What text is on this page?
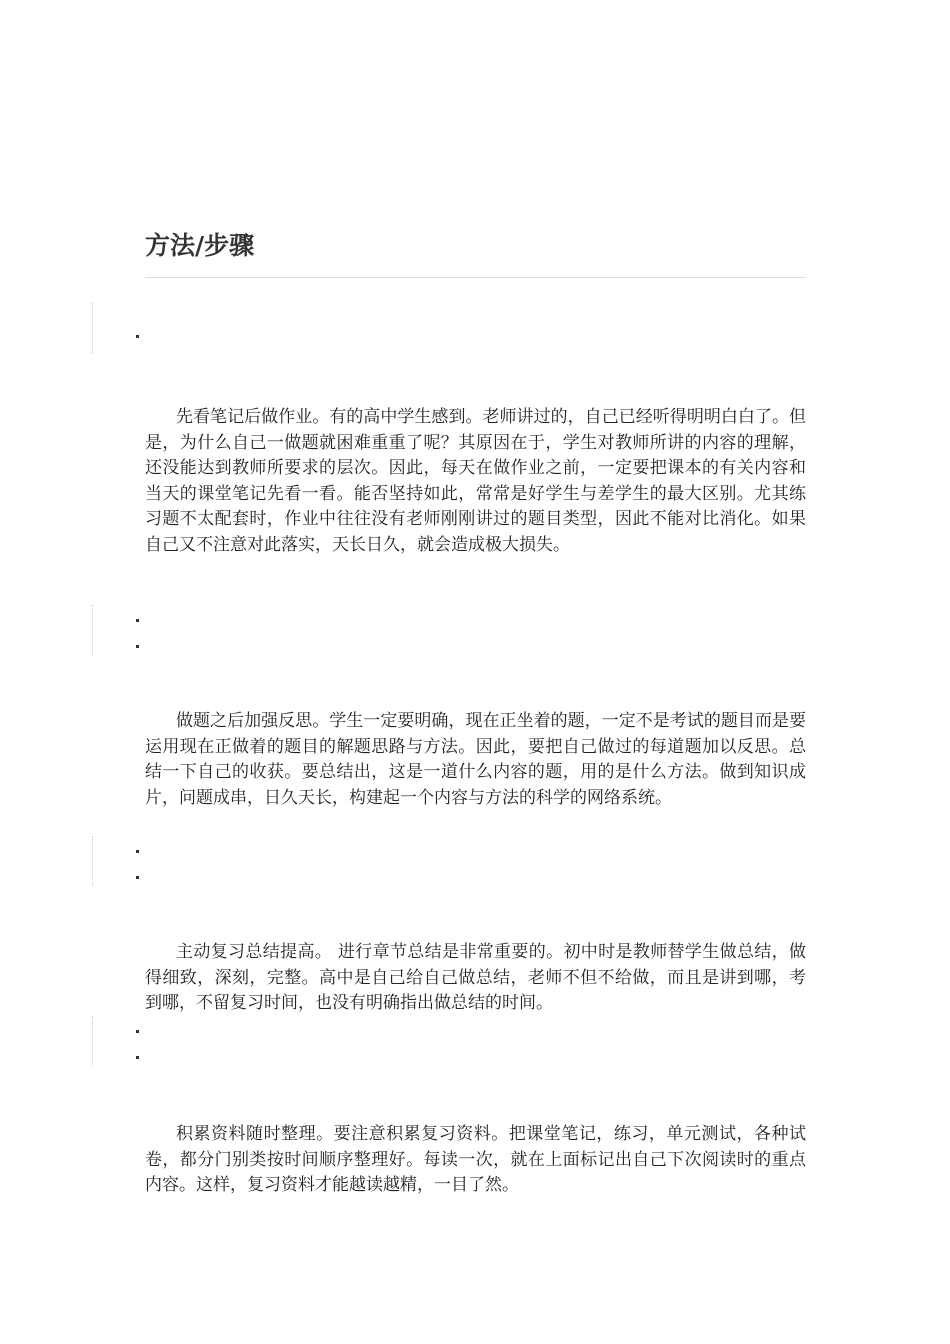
方法/步骤

先看笔记后做作业。有的高中学生感到。老师讲过的，自己已经听得明明白白了。但是，为什么自己一做题就困难重重了呢？其原因在于，学生对教师所讲的内容的理解，还没能达到教师所要求的层次。因此，每天在做作业之前，一定要把课本的有关内容和当天的课堂笔记先看一看。能否坚持如此，常常是好学生与差学生的最大区别。尤其练习题不太配套时，作业中往往没有老师刚刚讲过的题目类型，因此不能对比消化。如果自己又不注意对此落实，天长日久，就会造成极大损失。

做题之后加强反思。学生一定要明确，现在正坐着的题，一定不是考试的题目而是要运用现在正做着的题目的解题思路与方法。因此，要把自己做过的每道题加以反思。总结一下自己的收获。要总结出，这是一道什么内容的题，用的是什么方法。做到知识成片，问题成串，日久天长，构建起一个内容与方法的科学的网络系统。

主动复习总结提高。 进行章节总结是非常重要的。初中时是教师替学生做总结，做得细致，深刻，完整。高中是自己给自己做总结，老师不但不给做，而且是讲到哪，考到哪，不留复习时间，也没有明确指出做总结的时间。

积累资料随时整理。要注意积累复习资料。把课堂笔记，练习，单元测试，各种试卷，都分门别类按时间顺序整理好。每读一次，就在上面标记出自己下次阅读时的重点内容。这样，复习资料才能越读越精，一目了然。
